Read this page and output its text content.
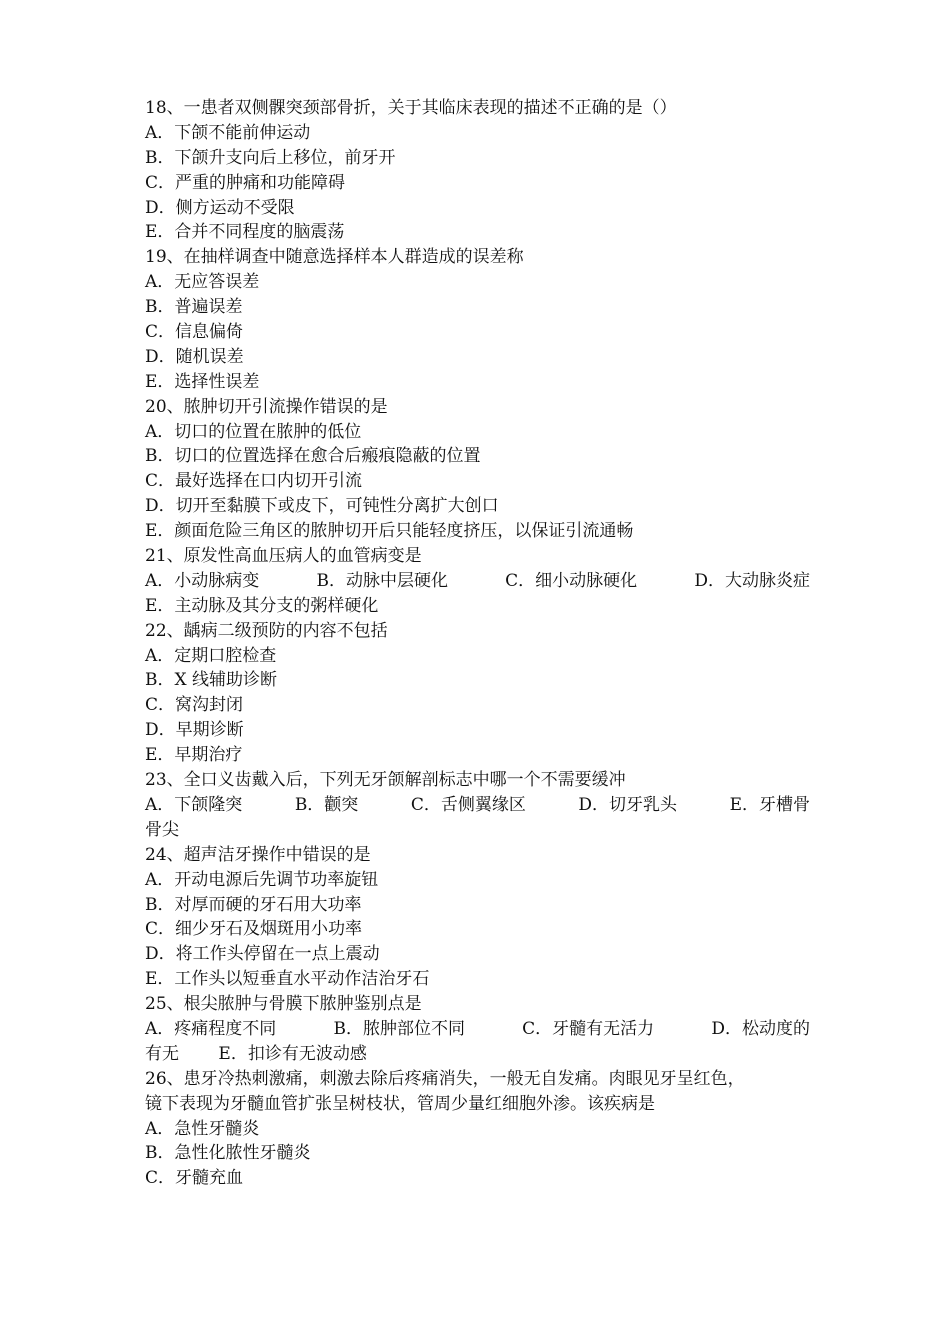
18、一患者双侧髁突颈部骨折，关于其临床表现的描述不正确的是（）
A．下颌不能前伸运动
B．下颌升支向后上移位，前牙开
C．严重的肿痛和功能障碍
D．侧方运动不受限
E．合并不同程度的脑震荡
19、在抽样调查中随意选择样本人群造成的误差称
A．无应答误差
B．普遍误差
C．信息偏倚
D．随机误差
E．选择性误差
20、脓肿切开引流操作错误的是
A．切口的位置在脓肿的低位
B．切口的位置选择在愈合后瘢痕隐蔽的位置
C．最好选择在口内切开引流
D．切开至黏膜下或皮下，可钝性分离扩大创口
E．颜面危险三角区的脓肿切开后只能轻度挤压，以保证引流通畅
21、原发性高血压病人的血管病变是
A．小动脉病变	B．动脉中层硬化	C．细小动脉硬化	D．大动脉炎症
E．主动脉及其分支的粥样硬化
22、龋病二级预防的内容不包括
A．定期口腔检查
B．X 线辅助诊断
C．窝沟封闭
D．早期诊断
E．早期治疗
23、全口义齿戴入后，下列无牙颌解剖标志中哪一个不需要缓冲
A．下颌隆突	B．颧突	C．舌侧翼缘区	D．切牙乳头	E．牙槽骨
骨尖
24、超声洁牙操作中错误的是
A．开动电源后先调节功率旋钮
B．对厚而硬的牙石用大功率
C．细少牙石及烟斑用小功率
D．将工作头停留在一点上震动
E．工作头以短垂直水平动作洁治牙石
25、根尖脓肿与骨膜下脓肿鉴别点是
A．疼痛程度不同	B．脓肿部位不同	C．牙髓有无活力	D．松动度的
有无 E．扣诊有无波动感
26、患牙冷热刺激痛，刺激去除后疼痛消失，一般无自发痛。肉眼见牙呈红色，
镜下表现为牙髓血管扩张呈树枝状，管周少量红细胞外渗。该疾病是
A．急性牙髓炎
B．急性化脓性牙髓炎
C．牙髓充血
